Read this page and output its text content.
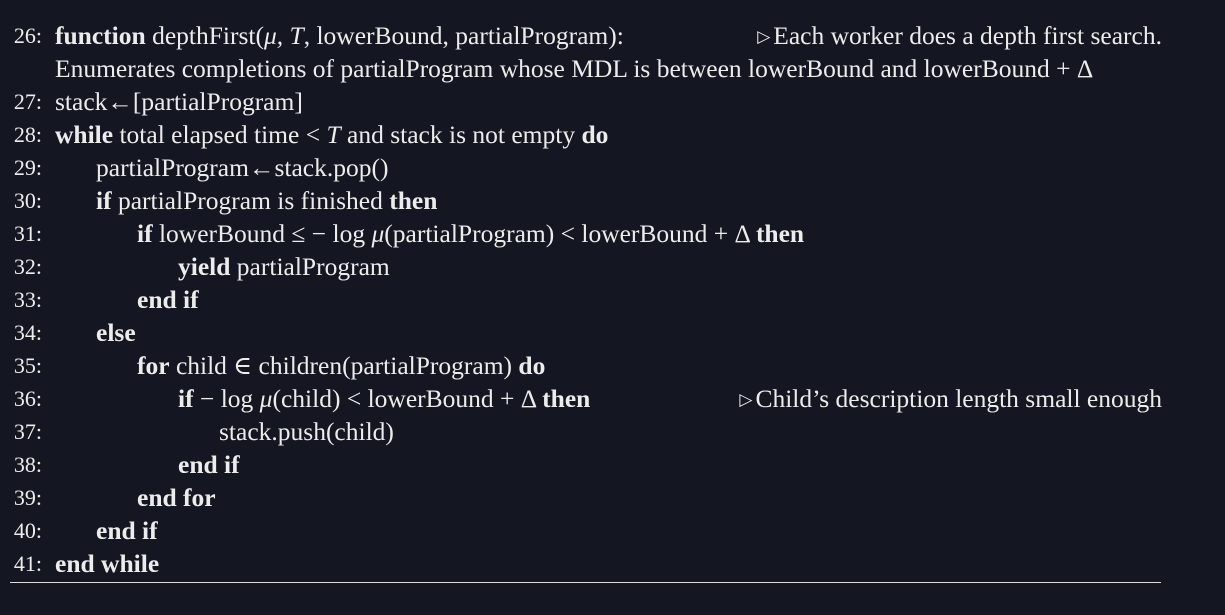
26: function depthFirst(μ, T, lowerBound, partialProgram):	▷ Each worker does a depth first search.
Enumerates completions of partialProgram whose MDL is between lowerBound and lowerBound + Δ
27: stack←[partialProgram]
28: while total elapsed time < T and stack is not empty do
29: partialProgram←stack.pop()
30: if partialProgram is finished then
31:	if lowerBound ≤ − log μ(partialProgram) < lowerBound + Δ then
32:	yield partialProgram
33:	end if
34: else
35:	for child ∈ children(partialProgram) do
36:	if − log μ(child) < lowerBound + Δ then	▷ Child’s description length small enough
37:	stack.push(child)
38:	end if
39:	end for
40: end if
41: end while
